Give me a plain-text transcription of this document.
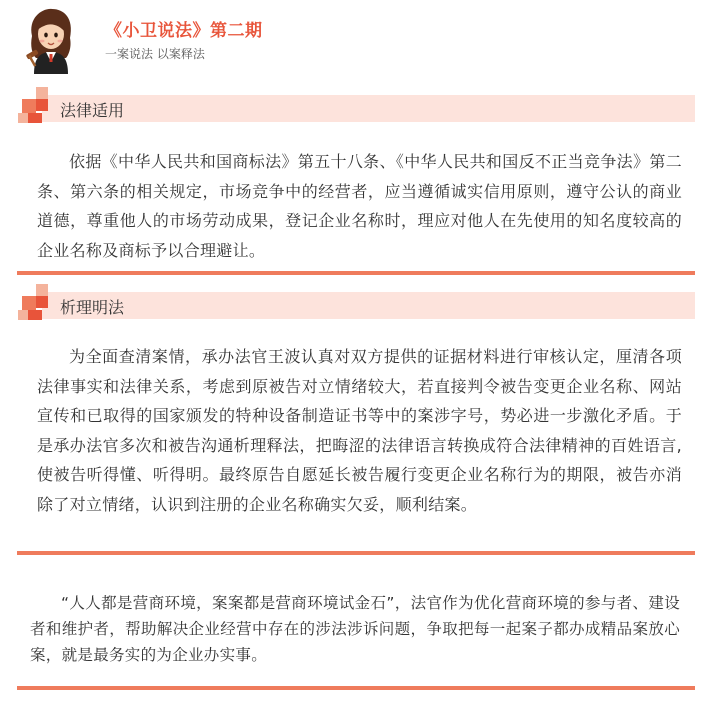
《小卫说法》第二期
一案说法 以案释法
法律适用

依据《中华人民共和国商标法》第五十八条、《中华人民共和国反不正当竞争法》第二条、第六条的相关规定，市场竞争中的经营者，应当遵循诚实信用原则，遵守公认的商业道德，尊重他人的市场劳动成果，登记企业名称时，理应对他人在先使用的知名度较高的企业名称及商标予以合理避让。

析理明法

为全面查清案情，承办法官王波认真对双方提供的证据材料进行审核认定，厘清各项法律事实和法律关系，考虑到原被告对立情绪较大，若直接判令被告变更企业名称、网站宣传和已取得的国家颁发的特种设备制造证书等中的案涉字号，势必进一步激化矛盾。于是承办法官多次和被告沟通析理释法，把晦涩的法律语言转换成符合法律精神的百姓语言,使被告听得懂、听得明。最终原告自愿延长被告履行变更企业名称行为的期限，被告亦消除了对立情绪，认识到注册的企业名称确实欠妥，顺利结案。

“人人都是营商环境，案案都是营商环境试金石”，法官作为优化营商环境的参与者、建设者和维护者，帮助解决企业经营中存在的涉法涉诉问题，争取把每一起案子都办成精品案放心案，就是最务实的为企业办实事。
